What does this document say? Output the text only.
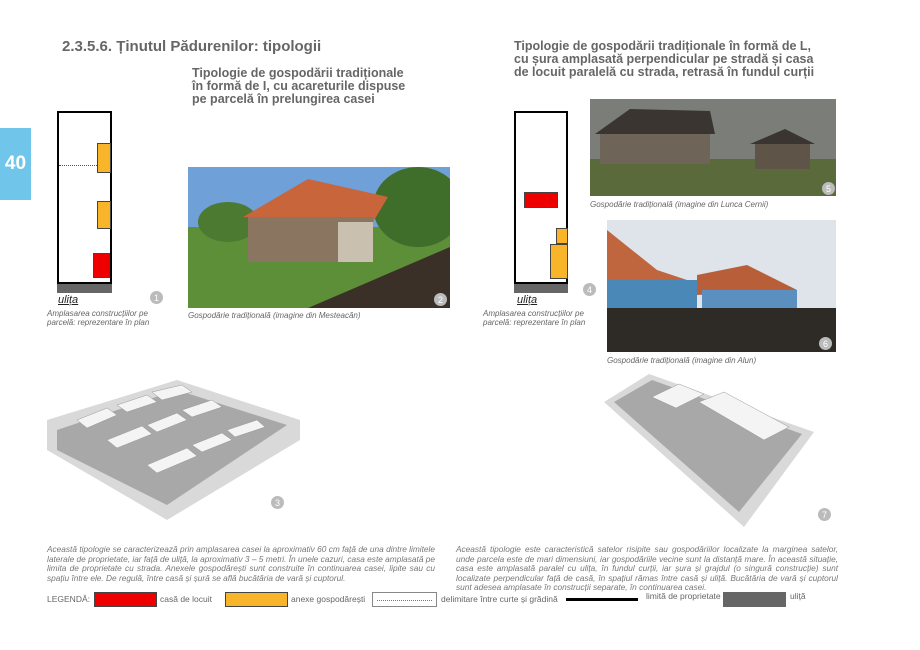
40
2.3.5.6. Ținutul Pădurenilor: tipologii
Tipologie de gospodării tradiționale
în formă de I, cu acareturile dispuse
pe parcelă în prelungirea casei
ulița	1
Amplasarea construcțiilor pe
parcelă: reprezentare în plan
2
Gospodărie tradițională (imagine din Mesteacăn)
3
Această tipologie se caracterizează prin amplasarea casei la aproximativ 60 cm față de una dintre limitele laterale de proprietate, iar față de uliță, la aproximativ 3 – 5 metri. În unele cazuri, casa este amplasată pe limita de proprietate cu strada. Anexele gospodărești sunt construite în continuarea casei, lipite sau cu spațiu între ele. De regulă, între casă și șură se află bucătăria de vară și cuptorul.
Tipologie de gospodării tradiționale în formă de L,
cu șura amplasată perpendicular pe stradă și casa
de locuit paralelă cu strada, retrasă în fundul curții
ulița
4
Amplasarea construcțiilor pe
parcelă: reprezentare în plan
5
Gospodărie tradițională (imagine din Lunca Cernii)
6
Gospodărie tradițională (imagine din Alun)
7
Această tipologie este caracteristică satelor risipite sau gospodăriilor localizate la marginea satelor, unde parcela este de mari dimensiuni, iar gospodăriile vecine sunt la distanță mare. În această situație, casa este amplasată paralel cu ulița, în fundul curții, iar șura și grajdul (o singură construcție) sunt localizate perpendicular față de casă, în spațiul rămas între casă și uliță. Bucătăria de vară și cuptorul sunt adesea amplasate în construcții separate, în continuarea casei.
LEGENDĂ:	casă de locuit	anexe gospodărești	delimitare între curte și grădină	limită de proprietate	uliță
